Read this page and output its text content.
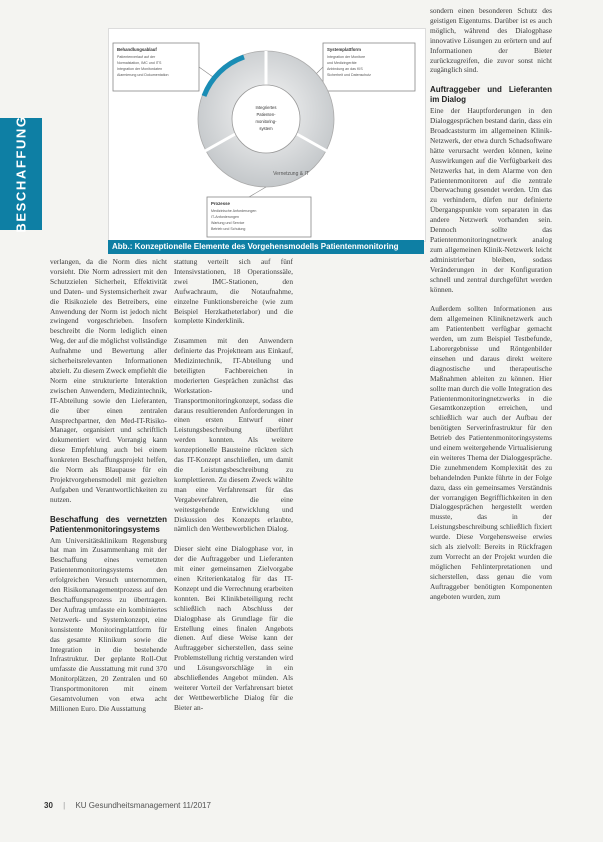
BESCHAFFUNG
Behandlungsablauf
Patientenverlauf auf der
Normalstation, IMC und ITS
Integration der Monitordaten
Alarmierung und Dokumentation
Systemplattform
Integration der Monitore
und Medizingeräte
Anbindung an das KIS
Sicherheit und Datenschutz
Integriertes
Patienten-
monitoring-
system
Vernetzung & IT
Prozesse
Medizinische Anforderungen
IT-Anforderungen
Wartung und Service
Betrieb und Schulung
Abb.: Konzeptionelle Elemente des Vorgehensmodells Patientenmonitoring

verlangen, da die Norm dies nicht vorsieht. Die Norm adressiert mit den Schutzzielen Sicherheit, Effektivität und Daten- und Systemsicherheit zwar die Risikoziele des Betreibers, eine Anwendung der Norm ist jedoch nicht zwingend vorgeschrieben. Insofern beschreibt die Norm lediglich einen Weg, der auf die möglichst vollständige Aufnahme und Bewertung aller sicherheitsrelevanten Informationen abzielt. Zu diesem Zweck empfiehlt die Norm eine strukturierte Interaktion zwischen Anwendern, Medizintechnik, IT-Abteilung sowie den Lieferanten, die über einen zentralen Ansprechpartner, den Med-IT-Risiko-Manager, organisiert und schriftlich dokumentiert wird. Vorrangig kann diese Empfehlung auch bei einem konkreten Beschaffungsprojekt helfen, die Norm als Blaupause für ein Projektvorgehensmodell mit gezielten Aufgaben und Verantwortlichkeiten zu nutzen.

Beschaffung des vernetzten Patientenmonitoringsystems

Am Universitätsklinikum Regensburg hat man im Zusammenhang mit der Beschaffung eines vernetzten Patientenmonitoringsystems den erfolgreichen Versuch unternommen, den Risikomanagementprozess auf den Beschaffungsprozess zu übertragen. Der Auftrag umfasste ein kombiniertes Netzwerk- und Systemkonzept, eine konsistente Monitoringplattform für das gesamte Klinikum sowie die Integration in die bestehende Infrastruktur. Der geplante Roll-Out umfasste die Ausstattung mit rund 370 Monitorplätzen, 20 Zentralen und 60 Transportmonitoren mit einem Gesamtvolumen von etwa acht Millionen Euro. Die Ausstattung

stattung verteilt sich auf fünf Intensivstationen, 18 Operationssäle, zwei IMC-Stationen, den Aufwachraum, die Notaufnahme, einzelne Funktionsbereiche (wie zum Beispiel Herzkatheterlabor) und die komplette Kinderklinik.

Zusammen mit den Anwendern definierte das Projektteam aus Einkauf, Medizintechnik, IT-Abteilung und beteiligten Fachbereichen in moderierten Gesprächen zunächst das Workstation- und Transportmonitoringkonzept, sodass die daraus resultierenden Anforderungen in einen ersten Entwurf einer Leistungsbeschreibung überführt werden konnten. Als weitere konzeptionelle Bausteine rückten sich das IT-Konzept anschließen, um damit die Leistungsbeschreibung zu komplettieren. Zu diesem Zweck wählte man eine Verfahrensart für das Vergabeverfahren, die eine weitestgehende Entwicklung und Diskussion des Konzepts erlaubte, nämlich den Wettbewerblichen Dialog.

Dieser sieht eine Dialogphase vor, in der die Auftraggeber und Lieferanten mit einer gemeinsamen Zielvorgabe einen Kriterienkatalog für das IT-Konzept und die Verrechnung erarbeiten konnten. Bei Klinikbeteiligung recht schließlich nach Abschluss der Dialogphase als Grundlage für die Erstellung eines finalen Angebots dienen. Auf diese Weise kann der Auftraggeber sicherstellen, dass seine Problemstellung richtig verstanden wird und Lösungsvorschläge in ein abschließendes Angebot münden. Als weiterer Vorteil der Verfahrensart bietet der Wettbewerbliche Dialog für die Bieter an-

sondern einen besonderen Schutz des geistigen Eigentums. Darüber ist es auch möglich, während des Dialogphase innovative Lösungen zu erörtern und auf Informationen der Bieter zurückzugreifen, die zuvor sonst nicht zugänglich sind.

Auftraggeber und Lieferanten im Dialog

Eine der Hauptforderungen in den Dialoggesprächen bestand darin, dass ein Broadcaststurm im allgemeinen Klinik-Netzwerk, der etwa durch Schadsoftware hätte verursacht werden können, keine Auswirkungen auf die Verfügbarkeit des Netzwerks hat, in dem Alarme von den Patientenmonitoren auf die zentrale Überwachung gesendet werden. Um das zu verhindern, dürfen nur definierte Übergangspunkte vom separaten in das andere Netzwerk vorhanden sein. Dennoch sollte das Patientenmonitoringnetzwerk analog zum allgemeinen Klinik-Netzwerk leicht administrierbar bleiben, sodass Veränderungen in der Konfiguration schnell und zentral durchgeführt werden können.

Außerdem sollten Informationen aus dem allgemeinen Kliniknetzwerk auch am Patientenbett verfügbar gemacht werden, um zum Beispiel Testbefunde, Laborergebnisse und Röntgenbilder einsehen und daraus direkt weitere diagnostische und therapeutische Maßnahmen ableiten zu können. Hier sollte man durch die volle Integration des Patientenmonitoringnetzwerks in die Gesamtkonzeption erreichen, und schließlich war auch der Aufbau der benötigten Serverinfrastruktur für den Betrieb des Patientenmonitoringsystems und einem weitergehende Virtualisierung ein weiteres Thema der Dialoggespräche. Die zunehmendem Komplexität des zu behandelnden Punkte führte in der Folge dazu, dass ein gemeinsames Verständnis der vorrangigen Begrifflichkeiten in den Dialoggesprächen hergestellt werden musste, das in der Leistungsbeschreibung schließlich fixiert wurde. Diese Vorgehensweise erwies sich als zielvoll: Bereits in Rückfragen zum Vorrecht an der Projekt wurden die möglichen Fehlinterpretationen und sicherstellen, dass genau die vom Auftraggeber benötigten Komponenten angeboten wurden, zum

30 | KU Gesundheitsmanagement 11/2017
